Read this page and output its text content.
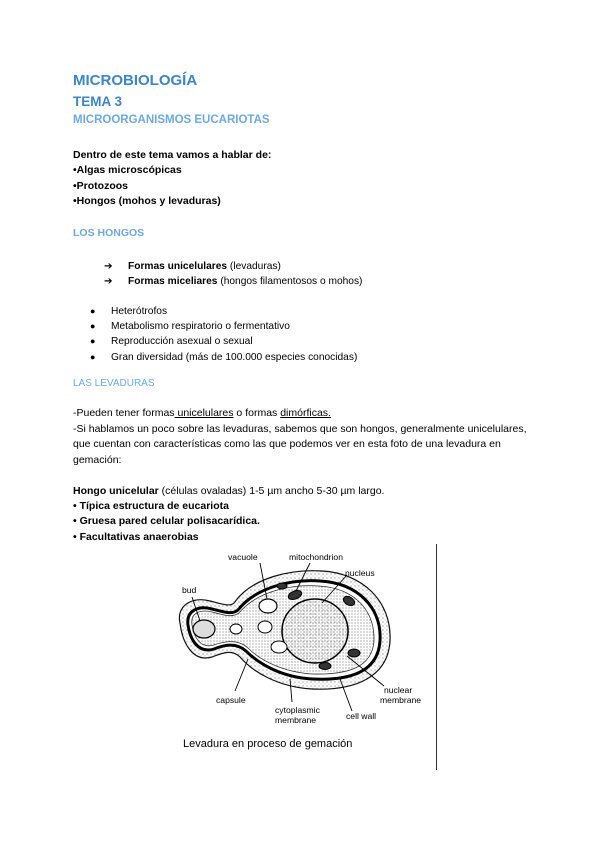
MICROBIOLOGÍA
TEMA 3
MICROORGANISMOS EUCARIOTAS
Dentro de este tema vamos a hablar de:
•Algas microscópicas
•Protozoos
•Hongos (mohos y levaduras)
LOS HONGOS
➔ Formas unicelulares (levaduras)
➔ Formas miceliares (hongos filamentosos o mohos)
● Heterótrofos
● Metabolismo respiratorio o fermentativo
● Reproducción asexual o sexual
● Gran diversidad (más de 100.000 especies conocidas)
LAS LEVADURAS
-Pueden tener formas unicelulares o formas dimórficas.
-Si hablamos un poco sobre las levaduras, sabemos que son hongos, generalmente unicelulares, que cuentan con características como las que podemos ver en esta foto de una levadura en gemación:
Hongo unicelular (células ovaladas) 1-5 µm ancho 5-30 µm largo.
• Típica estructura de eucariota
• Gruesa pared celular polisacarídica.
• Facultativas anaerobias
vacuole	mitochondrion
nucleus
bud
capsule
cytoplasmic
membrane	cell wall
nuclear
membrane
Levadura en proceso de gemación
